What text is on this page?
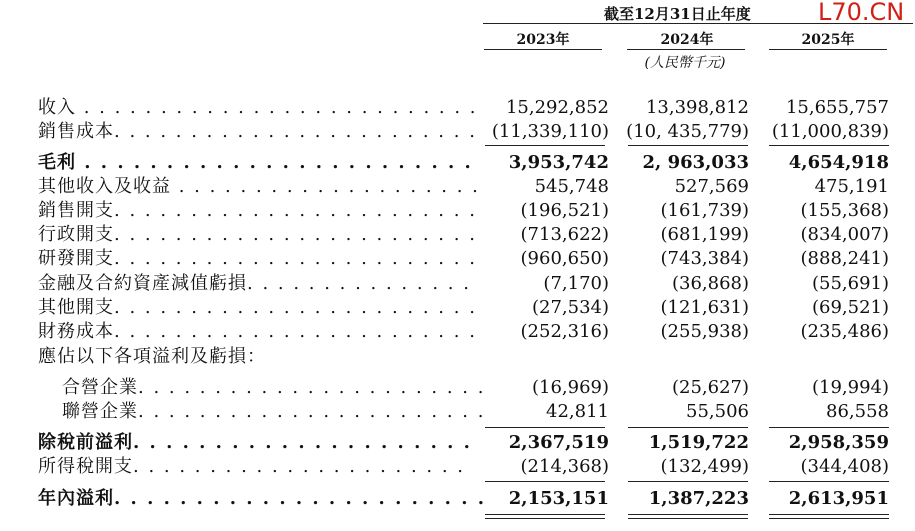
截至12月31日止年度	L70.CN
2023年	2024年	2025年
(人民幣千元)
收入 . . . . . . . . . . . . . . . . . . . . . . . . . .	15,292,852	13,398,812	15,655,757
銷售成本. . . . . . . . . . . . . . . . . . . . . . . . (11,339,110) (10, 435,779)	(11,000,839)
毛利 . . . . . . . . . . . . . . . . . . . . . . . .	3,953,742	2, 963,033	4,654,918
其他收入及收益 . . . . . . . . . . . . . . . . . . . .	545,748	527,569	475,191
銷售開支. . . . . . . . . . . . . . . . . . . . . . . .	(196,521)	(161,739)	(155,368)
行政開支. . . . . . . . . . . . . . . . . . . . . . . .	(713,622)	(681,199)	(834,007)
研發開支. . . . . . . . . . . . . . . . . . . . . . . .	(960,650)	(743,384)	(888,241)
金融及合約資產減值虧損. . . . . . . . . . . . . . .	(7,170)	(36,868)	(55,691)
其他開支. . . . . . . . . . . . . . . . . . . . . . . .	(27,534)	(121,631)	(69,521)
財務成本. . . . . . . . . . . . . . . . . . . . . . . .	(252,316)	(255,938)	(235,486)
應佔以下各項溢利及虧損：
合營企業. . . . . . . . . . . . . . . . . . . . . . .	(16,969)	(25,627)	(19,994)
聯營企業. . . . . . . . . . . . . . . . . . . . . . .	42,811	55,506	86,558
除稅前溢利. . . . . . . . . . . . . . . . . . . . .	2,367,519	1,519,722	2,958,359
所得稅開支. . . . . . . . . . . . . . . . . . . . . .	(214,368)	(132,499)	(344,408)
年內溢利. . . . . . . . . . . . . . . . . . . . . . .	2,153,151	1,387,223	2,613,951
